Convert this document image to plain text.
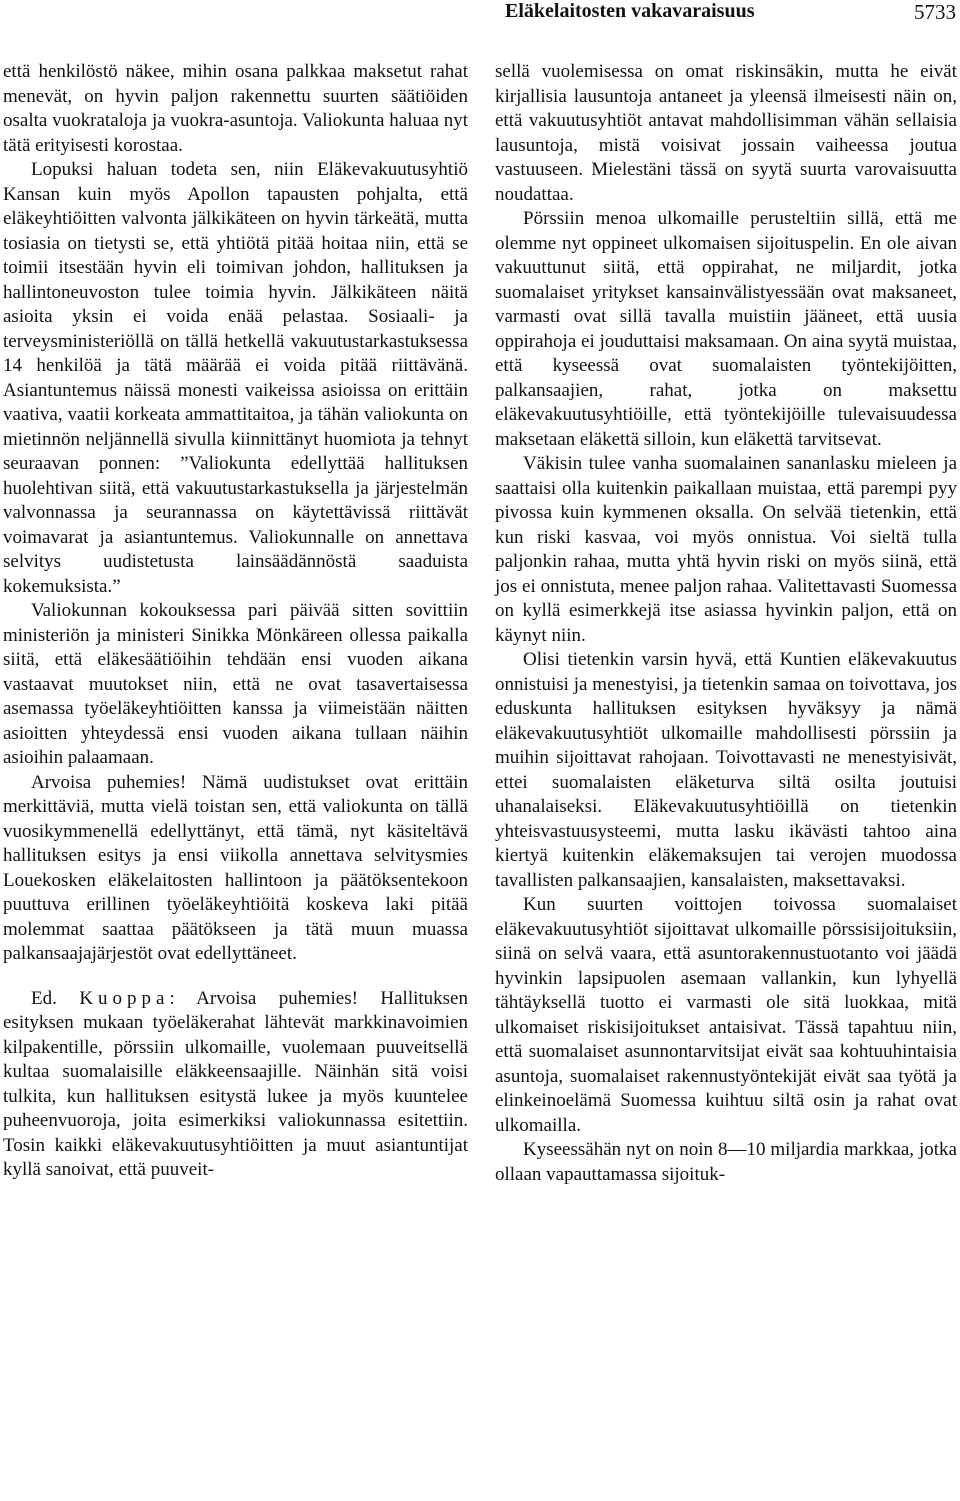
Eläkelaitosten vakavaraisuus	5733

että henkilöstö näkee, mihin osana palkkaa maksetut rahat menevät, on hyvin paljon rakennettu suurten säätiöiden osalta vuokrataloja ja vuokra-asuntoja. Valiokunta haluaa nyt tätä erityisesti korostaa.

Lopuksi haluan todeta sen, niin Eläkevakuutusyhtiö Kansan kuin myös Apollon tapausten pohjalta, että eläkeyhtiöitten valvonta jälkikäteen on hyvin tärkeätä, mutta tosiasia on tietysti se, että yhtiötä pitää hoitaa niin, että se toimii itsestään hyvin eli toimivan johdon, hallituksen ja hallintoneuvoston tulee toimia hyvin. Jälkikäteen näitä asioita yksin ei voida enää pelastaa. Sosiaali- ja terveysministeriöllä on tällä hetkellä vakuutustarkastuksessa 14 henkilöä ja tätä määrää ei voida pitää riittävänä. Asiantuntemus näissä monesti vaikeissa asioissa on erittäin vaativa, vaatii korkeata ammattitaitoa, ja tähän valiokunta on mietinnön neljännellä sivulla kiinnittänyt huomiota ja tehnyt seuraavan ponnen: ”Valiokunta edellyttää hallituksen huolehtivan siitä, että vakuutustarkastuksella ja järjestelmän valvonnassa ja seurannassa on käytettävissä riittävät voimavarat ja asiantuntemus. Valiokunnalle on annettava selvitys uudistetusta lainsäädännöstä saaduista kokemuksista.”

Valiokunnan kokouksessa pari päivää sitten sovittiin ministeriön ja ministeri Sinikka Mönkäreen ollessa paikalla siitä, että eläkesäätiöihin tehdään ensi vuoden aikana vastaavat muutokset niin, että ne ovat tasavertaisessa asemassa työeläkeyhtiöitten kanssa ja viimeistään näitten asioitten yhteydessä ensi vuoden aikana tullaan näihin asioihin palaamaan.

Arvoisa puhemies! Nämä uudistukset ovat erittäin merkittäviä, mutta vielä toistan sen, että valiokunta on tällä vuosikymmenellä edellyttänyt, että tämä, nyt käsiteltävä hallituksen esitys ja ensi viikolla annettava selvitysmies Louekosken eläkelaitosten hallintoon ja päätöksentekoon puuttuva erillinen työeläkeyhtiöitä koskeva laki pitää molemmat saattaa päätökseen ja tätä muun muassa palkansaajajärjestöt ovat edellyttäneet.

Ed. Kuoppa: Arvoisa puhemies! Hallituksen esityksen mukaan työeläkerahat lähtevät markkinavoimien kilpakentille, pörssiin ulkomaille, vuolemaan puuveitsellä kultaa suomalaisille eläkkeensaajille. Näinhän sitä voisi tulkita, kun hallituksen esitystä lukee ja myös kuuntelee puheenvuoroja, joita esimerkiksi valiokunnassa esitettiin. Tosin kaikki eläkevakuutusyhtiöitten ja muut asiantuntijat kyllä sanoivat, että puuveit-

sellä vuolemisessa on omat riskinsäkin, mutta he eivät kirjallisia lausuntoja antaneet ja yleensä ilmeisesti näin on, että vakuutusyhtiöt antavat mahdollisimman vähän sellaisia lausuntoja, mistä voisivat jossain vaiheessa joutua vastuuseen. Mielestäni tässä on syytä suurta varovaisuutta noudattaa.

Pörssiin menoa ulkomaille perusteltiin sillä, että me olemme nyt oppineet ulkomaisen sijoituspelin. En ole aivan vakuuttunut siitä, että oppirahat, ne miljardit, jotka suomalaiset yritykset kansainvälistyessään ovat maksaneet, varmasti ovat sillä tavalla muistiin jääneet, että uusia oppirahoja ei jouduttaisi maksamaan. On aina syytä muistaa, että kyseessä ovat suomalaisten työntekijöitten, palkansaajien, rahat, jotka on maksettu eläkevakuutusyhtiöille, että työntekijöille tulevaisuudessa maksetaan eläkettä silloin, kun eläkettä tarvitsevat.

Väkisin tulee vanha suomalainen sananlasku mieleen ja saattaisi olla kuitenkin paikallaan muistaa, että parempi pyy pivossa kuin kymmenen oksalla. On selvää tietenkin, että kun riski kasvaa, voi myös onnistua. Voi sieltä tulla paljonkin rahaa, mutta yhtä hyvin riski on myös siinä, että jos ei onnistuta, menee paljon rahaa. Valitettavasti Suomessa on kyllä esimerkkejä itse asiassa hyvinkin paljon, että on käynyt niin.

Olisi tietenkin varsin hyvä, että Kuntien eläkevakuutus onnistuisi ja menestyisi, ja tietenkin samaa on toivottava, jos eduskunta hallituksen esityksen hyväksyy ja nämä eläkevakuutusyhtiöt ulkomaille mahdollisesti pörssiin ja muihin sijoittavat rahojaan. Toivottavasti ne menestyisivät, ettei suomalaisten eläketurva siltä osilta joutuisi uhanalaiseksi. Eläkevakuutusyhtiöillä on tietenkin yhteisvastuusysteemi, mutta lasku ikävästi tahtoo aina kiertyä kuitenkin eläkemaksujen tai verojen muodossa tavallisten palkansaajien, kansalaisten, maksettavaksi.

Kun suurten voittojen toivossa suomalaiset eläkevakuutusyhtiöt sijoittavat ulkomaille pörssisijoituksiin, siinä on selvä vaara, että asuntorakennustuotanto voi jäädä hyvinkin lapsipuolen asemaan vallankin, kun lyhyellä tähtäyksellä tuotto ei varmasti ole sitä luokkaa, mitä ulkomaiset riskisijoitukset antaisivat. Tässä tapahtuu niin, että suomalaiset asunnontarvitsijat eivät saa kohtuuhintaisia asuntoja, suomalaiset rakennustyöntekijät eivät saa työtä ja elinkeinoelämä Suomessa kuihtuu siltä osin ja rahat ovat ulkomailla.

Kyseessähän nyt on noin 8—10 miljardia markkaa, jotka ollaan vapauttamassa sijoituk-
